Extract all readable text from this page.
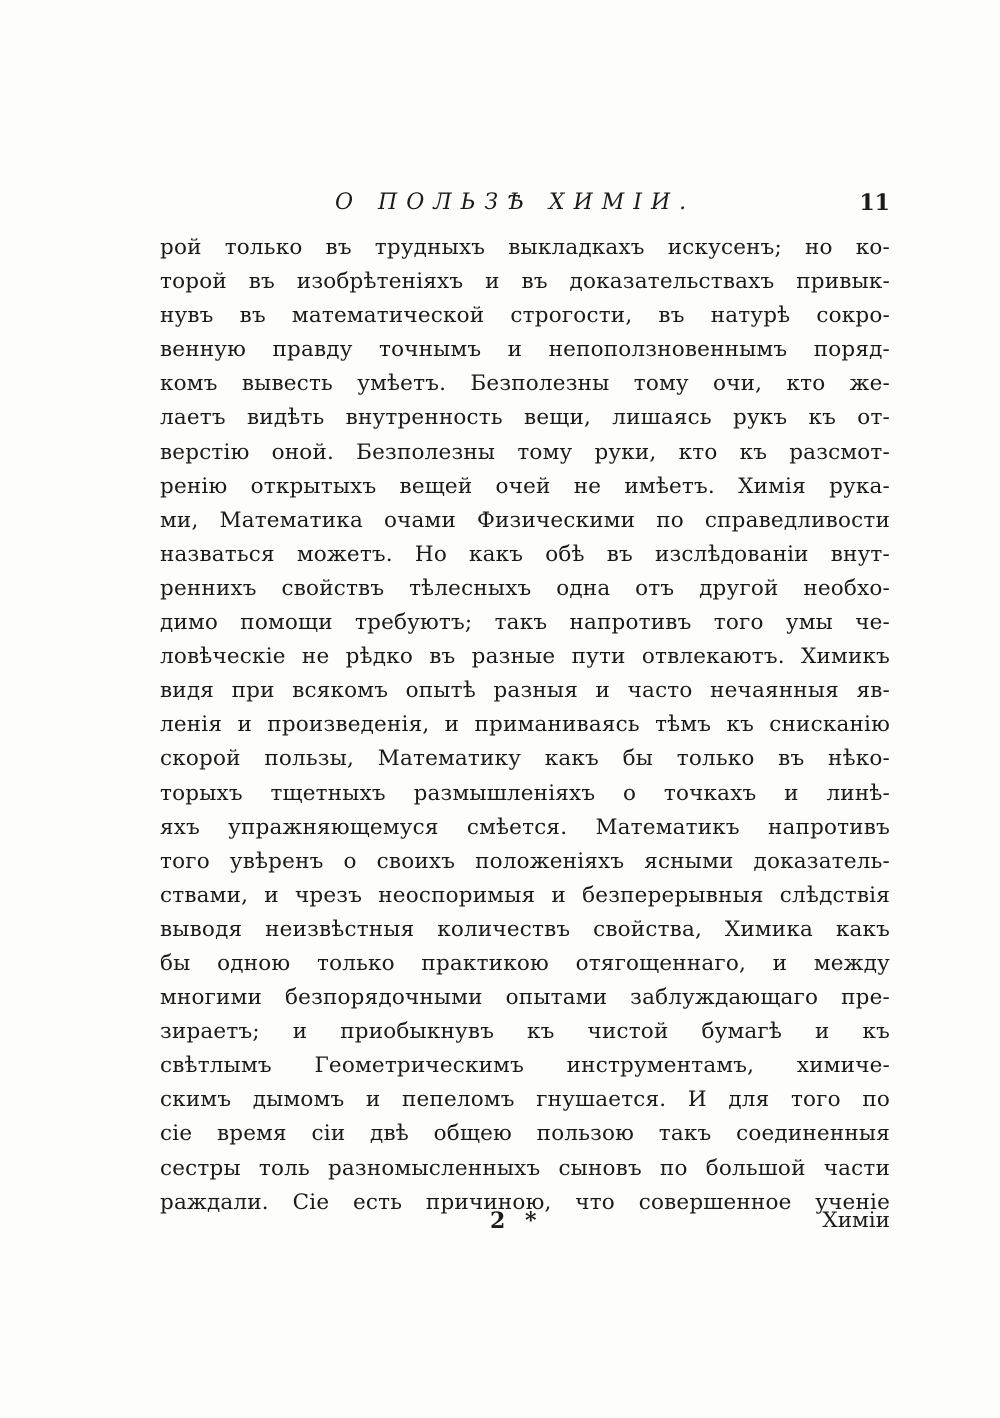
О ПОЛЬЗѢ ХИМІИ.	11
рой только въ трудныхъ выкладкахъ искусенъ; но ко-
торой въ изобрѣтеніяхъ и въ доказательствахъ привык-
нувъ въ математической строгости, въ натурѣ сокро-
венную правду точнымъ и непоползновеннымъ поряд-
комъ вывесть умѣетъ. Безполезны тому очи, кто же-
лаетъ видѣть внутренность вещи, лишаясь рукъ къ от-
верстію оной. Безполезны тому руки, кто къ разсмот-
ренію открытыхъ вещей очей не имѣетъ. Химія рука-
ми, Математика очами Физическими по справедливости
назваться можетъ. Но какъ обѣ въ изслѣдованіи внут-
реннихъ свойствъ тѣлесныхъ одна отъ другой необхо-
димо помощи требуютъ; такъ напротивъ того умы че-
ловѣческіе не рѣдко въ разные пути отвлекаютъ. Химикъ
видя при всякомъ опытѣ разныя и часто нечаянныя яв-
ленія и произведенія, и приманиваясь тѣмъ къ сниcканію
скорой пользы, Математику какъ бы только въ нѣко-
торыхъ тщетныхъ размышленіяхъ о точкахъ и линѣ-
яхъ упражняющемуся смѣется. Математикъ напротивъ
того увѣренъ о своихъ положеніяхъ ясными доказатель-
ствами, и чрезъ неоспоримыя и безперерывныя слѣдствія
выводя неизвѣстныя количествъ свойства, Химика какъ
бы одною только практикою отягощеннаго, и между
многими безпорядочными опытами заблуждающаго пре-
зираетъ; и приобыкнувъ къ чистой бумагѣ и къ
свѣтлымъ Геометрическимъ инструментамъ, химиче-
скимъ дымомъ и пепеломъ гнушается. И для того по
сіе время сіи двѣ общею пользою такъ соединенныя
сестры толь разномысленныхъ сыновъ по большой части
раждали. Сіе есть причиною, что совершенное ученіе
2 *	Химіи
